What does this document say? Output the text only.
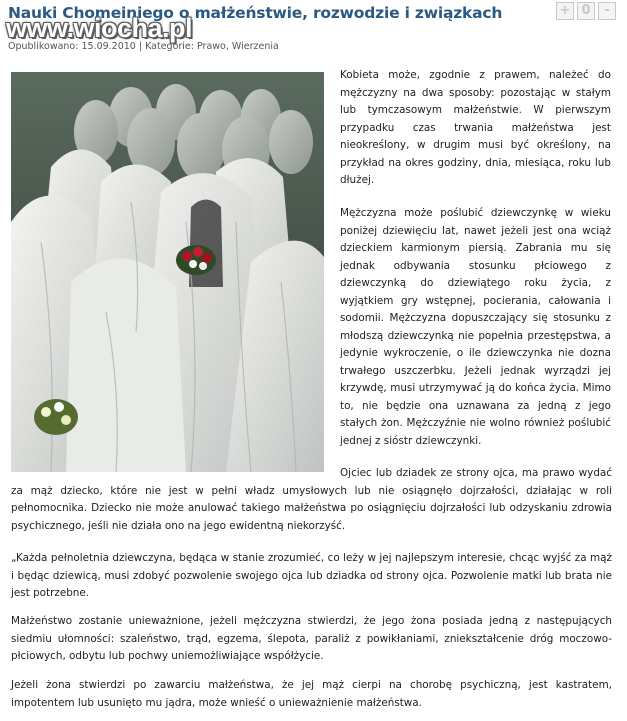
Nauki Chomeiniego o małżeństwie, rozwodzie i związkach
www.wiocha.pl
+ 0	-
Opublikowano: 15.09.2010 | Kategorie: Prawo, Wierzenia

Kobieta może, zgodnie z prawem, należeć do mężczyzny na dwa sposoby: pozostając w stałym lub tymczasowym małżeństwie. W pierwszym przypadku czas trwania małżeństwa jest nieokreślony, w drugim musi być określony, na przykład na okres godziny, dnia, miesiąca, roku lub dłużej.

Mężczyzna może poślubić dziewczynkę w wieku poniżej dziewięciu lat, nawet jeżeli jest ona wciąż dzieckiem karmionym piersią. Zabrania mu się jednak odbywania stosunku płciowego z dziewczynką do dziewiątego roku życia, z wyjątkiem gry wstępnej, pocierania, całowania i sodomii. Mężczyzna dopuszczający się stosunku z młodszą dziewczynką nie popełnia przestępstwa, a jedynie wykroczenie, o ile dziewczynka nie dozna trwałego uszczerbku. Jeżeli jednak wyrządzi jej krzywdę, musi utrzymywać ją do końca życia. Mimo to, nie będzie ona uznawana za jedną z jego stałych żon. Mężczyźnie nie wolno również poślubić jednej z sióstr dziewczynki.

Ojciec lub dziadek ze strony ojca, ma prawo wydać za mąż dziecko, które nie jest w pełni władz umysłowych lub nie osiągnęło dojrzałości, działając w roli pełnomocnika. Dziecko nie może anulować takiego małżeństwa po osiągnięciu dojrzałości lub odzyskaniu zdrowia psychicznego, jeśli nie działa ono na jego ewidentną niekorzyść.

„Każda pełnoletnia dziewczyna, będąca w stanie zrozumieć, co leży w jej najlepszym interesie, chcąc wyjść za mąż i będąc dziewicą, musi zdobyć pozwolenie swojego ojca lub dziadka od strony ojca. Pozwolenie matki lub brata nie jest potrzebne.

Małżeństwo zostanie unieważnione, jeżeli mężczyzna stwierdzi, że jego żona posiada jedną z następujących siedmiu ułomności: szaleństwo, trąd, egzema, ślepota, paraliż z powikłaniami, zniekształcenie dróg moczowo-płciowych, odbytu lub pochwy uniemożliwiające współżycie.

Jeżeli żona stwierdzi po zawarciu małżeństwa, że jej mąż cierpi na chorobę psychiczną, jest kastratem, impotentem lub usunięto mu jądra, może wnieść o unieważnienie małżeństwa.
